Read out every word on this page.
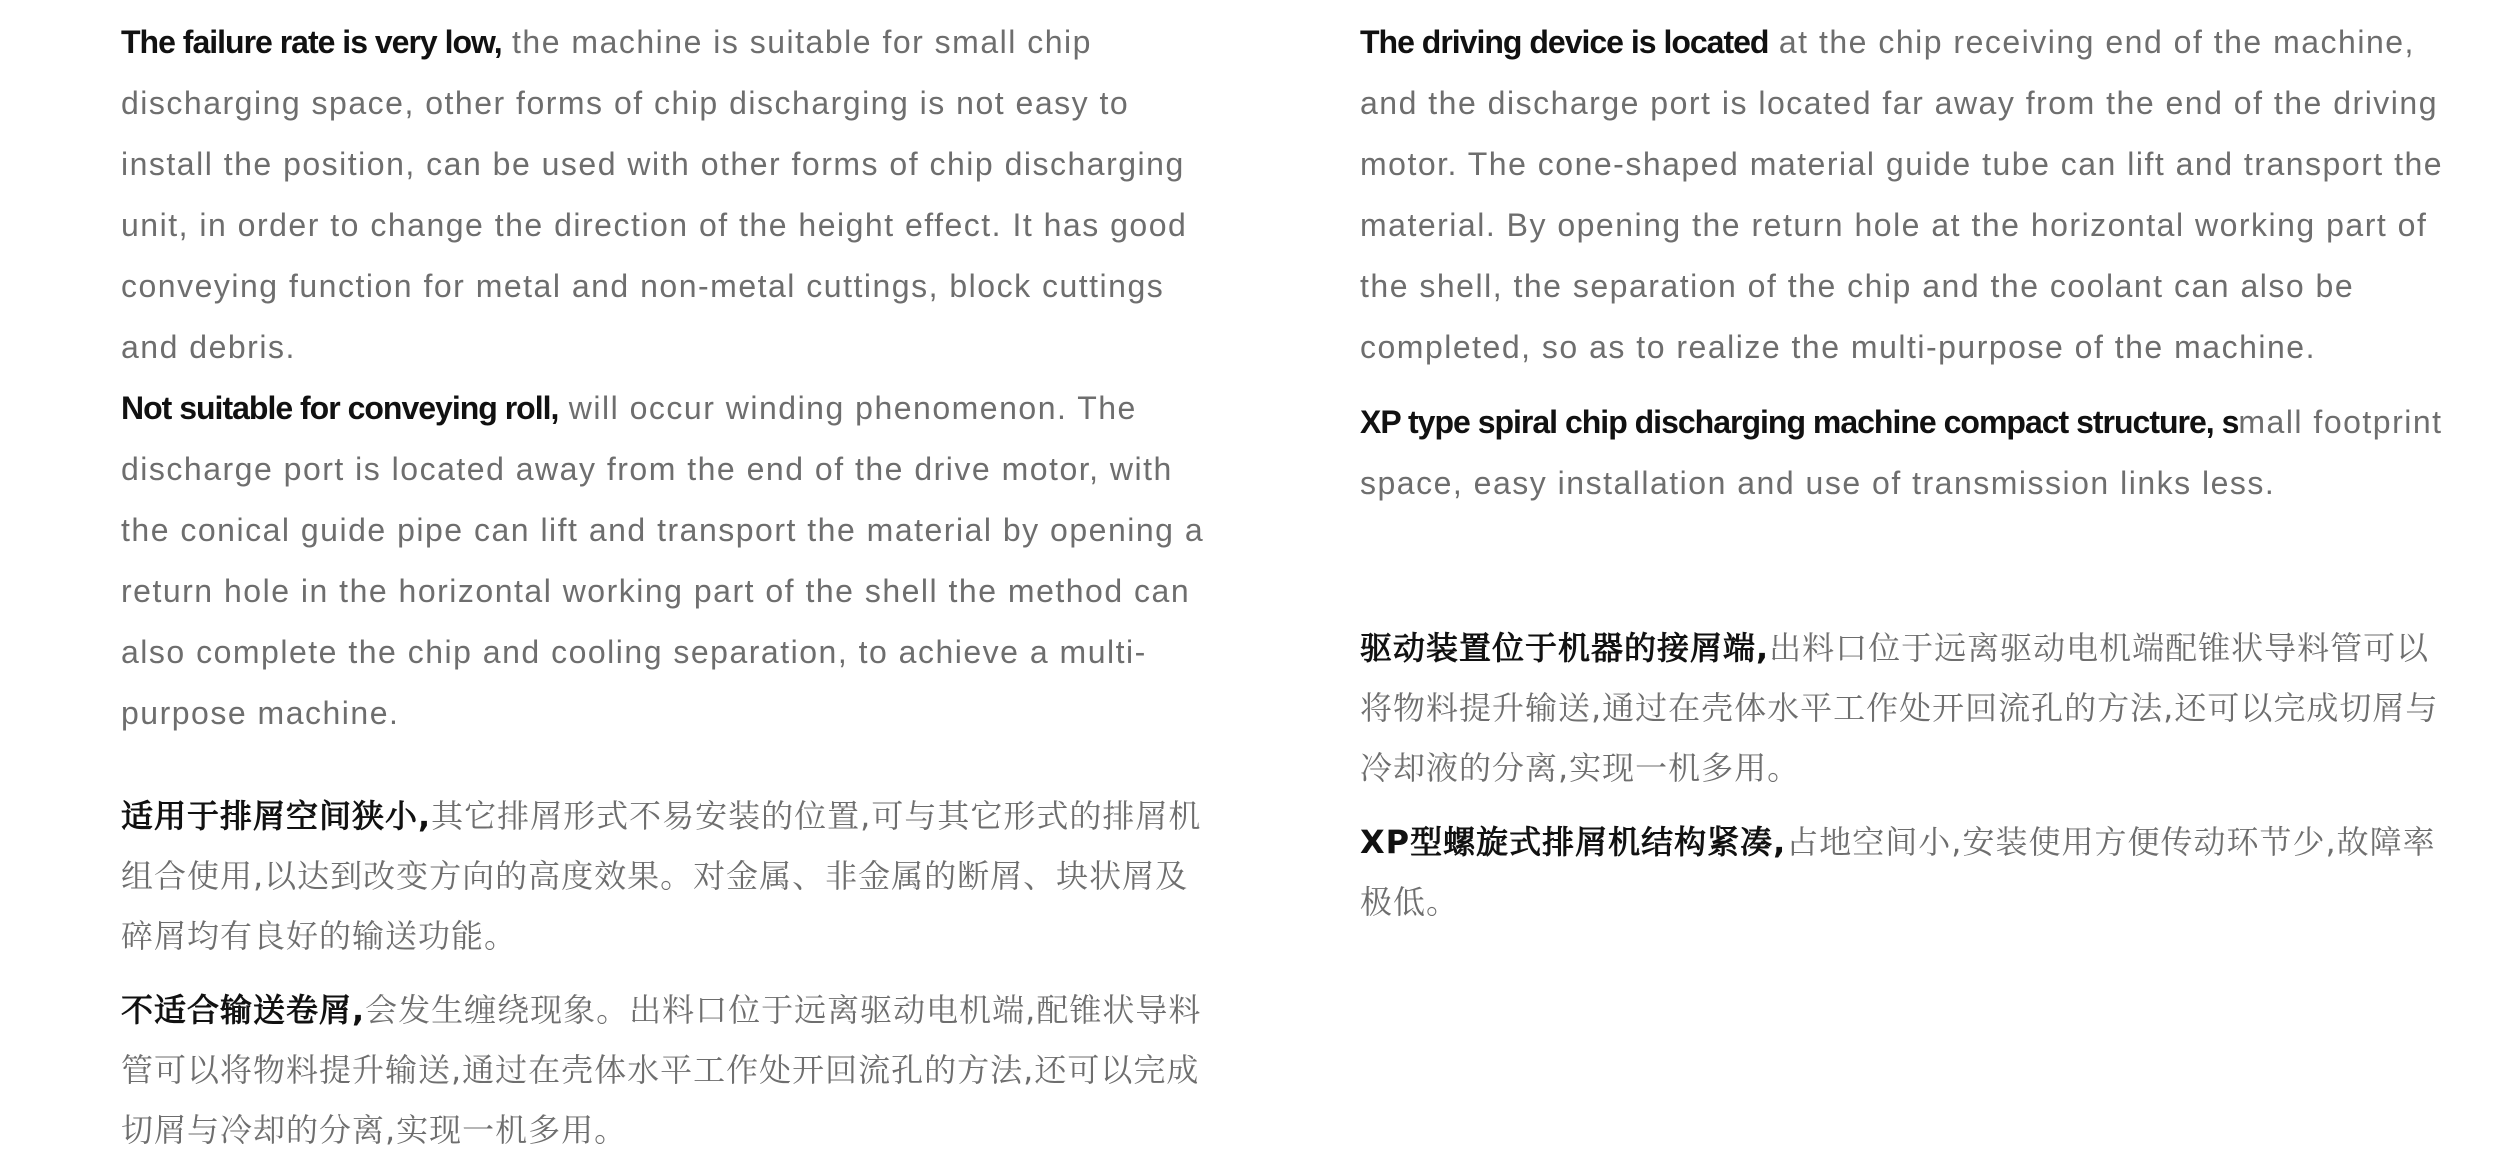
The failure rate is very low, the machine is suitable for small chip discharging space, other forms of chip discharging is not easy to install the position, can be used with other forms of chip discharging unit, in order to change the direction of the height effect. It has good conveying function for metal and non-metal cuttings, block cuttings and debris.

Not suitable for conveying roll, will occur winding phenomenon. The discharge port is located away from the end of the drive motor, with the conical guide pipe can lift and transport the material by opening a return hole in the horizontal working part of the shell the method can also complete the chip and cooling separation, to achieve a multi-purpose machine.

适用于排屑空间狭小,其它排屑形式不易安装的位置,可与其它形式的排屑机组合使用,以达到改变方向的高度效果。对金属、非金属的断屑、块状屑及碎屑均有良好的输送功能。

不适合输送卷屑,会发生缠绕现象。出料口位于远离驱动电机端,配锥状导料管可以将物料提升输送,通过在壳体水平工作处开回流孔的方法,还可以完成切屑与冷却的分离,实现一机多用。

The driving device is located at the chip receiving end of the machine, and the discharge port is located far away from the end of the driving motor. The cone-shaped material guide tube can lift and transport the material. By opening the return hole at the horizontal working part of the shell, the separation of the chip and the coolant can also be completed, so as to realize the multi-purpose of the machine.

XP type spiral chip discharging machine compact structure, small footprint space, easy installation and use of transmission links less.

驱动装置位于机器的接屑端,出料口位于远离驱动电机端配锥状导料管可以将物料提升输送,通过在壳体水平工作处开回流孔的方法,还可以完成切屑与冷却液的分离,实现一机多用。

XP型螺旋式排屑机结构紧凑,占地空间小,安装使用方便传动环节少,故障率极低。
